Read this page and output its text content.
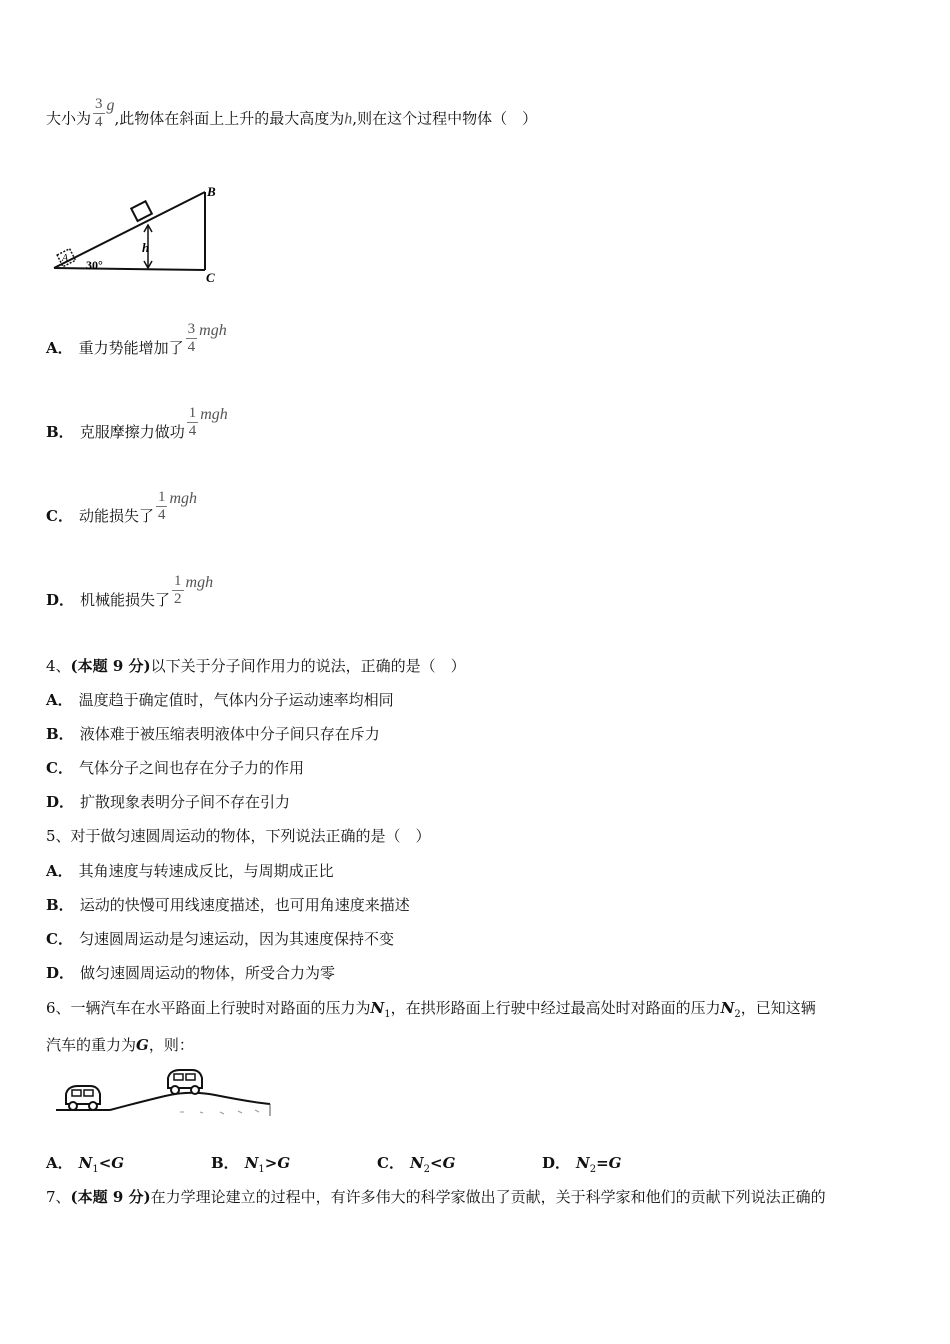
大小为 $\frac{3}{4} g$,此物体在斜面上上升的最大高度为h,则在这个过程中物体（　）
h
30°
A
B
C
A． 重力势能增加了 $\frac{3}{4}$ mgh
B． 克服摩擦力做功 $\frac{1}{4}$ mgh
C． 动能损失了 $\frac{1}{4}$ mgh
D． 机械能损失了 $\frac{1}{2}$ mgh
4、(本题 9 分)以下关于分子间作用力的说法，正确的是（　）
A． 温度趋于确定值时，气体内分子运动速率均相同
B． 液体难于被压缩表明液体中分子间只存在斥力
C． 气体分子之间也存在分子力的作用
D． 扩散现象表明分子间不存在引力
5、对于做匀速圆周运动的物体，下列说法正确的是（　）
A． 其角速度与转速成反比，与周期成正比
B． 运动的快慢可用线速度描述，也可用角速度来描述
C． 匀速圆周运动是匀速运动，因为其速度保持不变
D． 做匀速圆周运动的物体，所受合力为零
6、一辆汽车在水平路面上行驶时对路面的压力为$N_1$，在拱形路面上行驶中经过最高处时对路面的压力$N_2$，已知这辆
汽车的重力为G，则：
A． $N_1<G$	B． $N_1>G$	C． $N_2<G$	D． $N_2=G$
7、(本题 9 分)在力学理论建立的过程中，有许多伟大的科学家做出了贡献，关于科学家和他们的贡献下列说法正确的
